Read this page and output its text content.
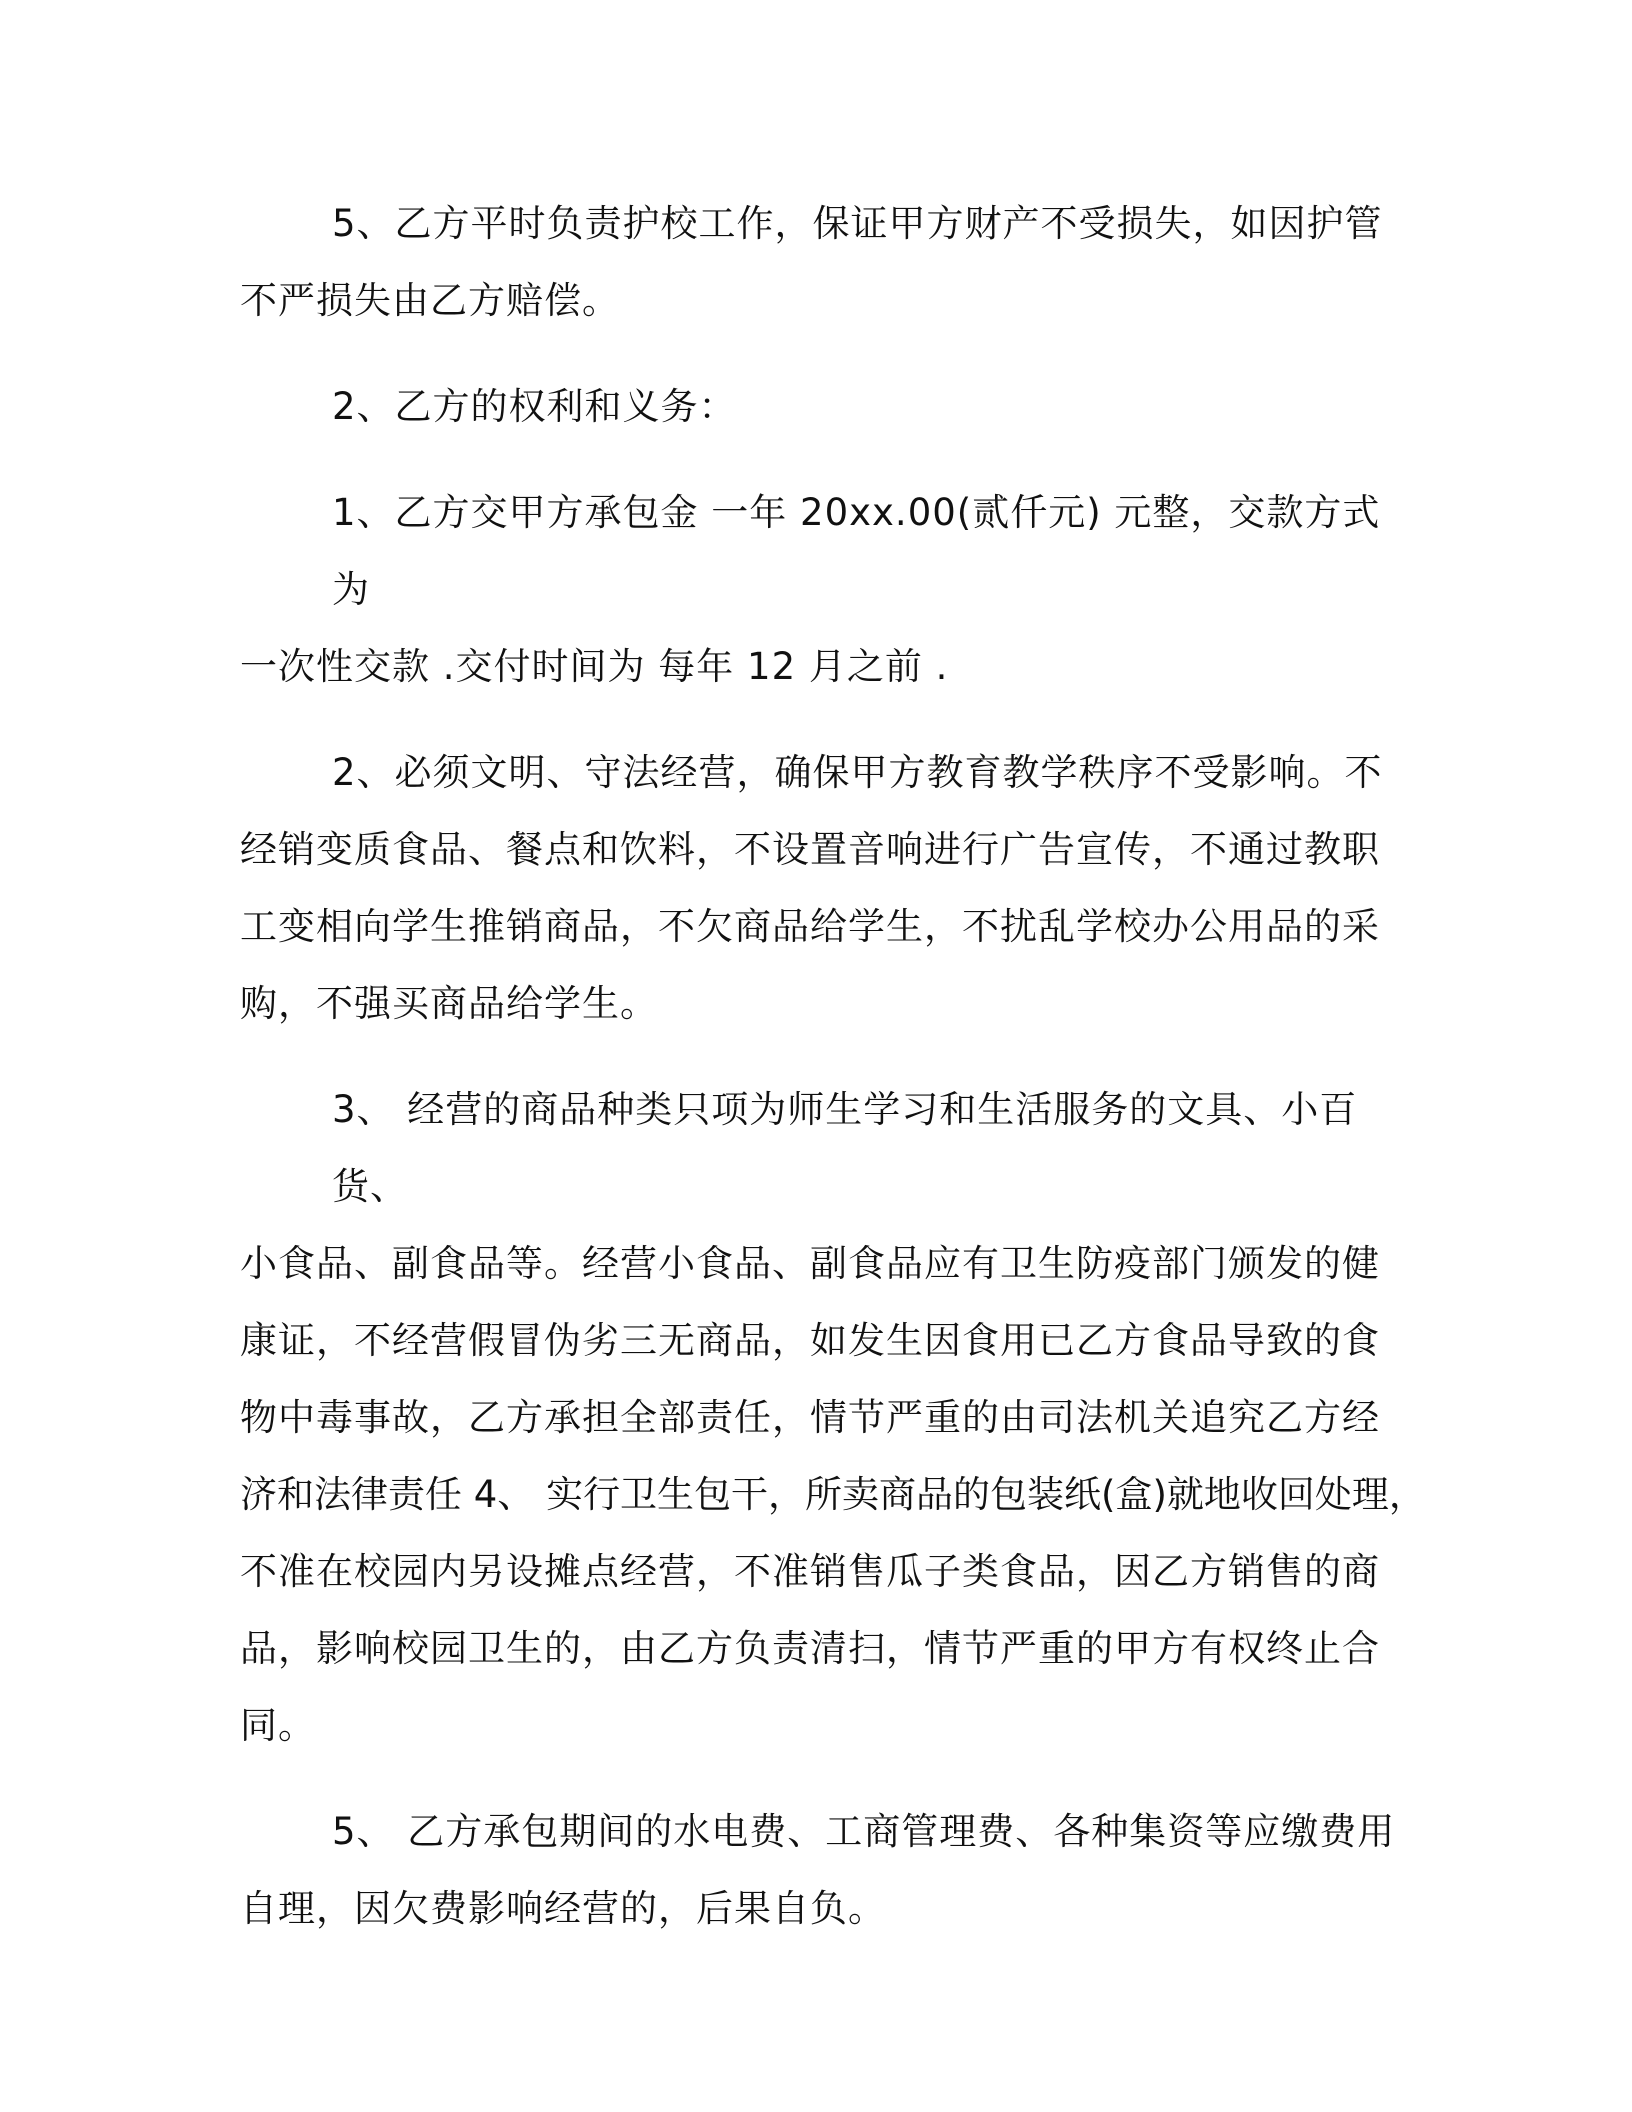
5、乙方平时负责护校工作，保证甲方财产不受损失，如因护管
不严损失由乙方赔偿。

2、乙方的权利和义务：

1、乙方交甲方承包金 一年 20xx.00(贰仟元) 元整，交款方式为
一次性交款 .交付时间为 每年 12 月之前 .

2、必须文明、守法经营，确保甲方教育教学秩序不受影响。不
经销变质食品、餐点和饮料，不设置音响进行广告宣传，不通过教职
工变相向学生推销商品，不欠商品给学生，不扰乱学校办公用品的采
购，不强买商品给学生。

3、 经营的商品种类只项为师生学习和生活服务的文具、小百货、
小食品、副食品等。经营小食品、副食品应有卫生防疫部门颁发的健
康证，不经营假冒伪劣三无商品，如发生因食用已乙方食品导致的食
物中毒事故，乙方承担全部责任，情节严重的由司法机关追究乙方经
济和法律责任 4、 实行卫生包干，所卖商品的包装纸(盒)就地收回处理，
不准在校园内另设摊点经营，不准销售瓜子类食品，因乙方销售的商
品，影响校园卫生的，由乙方负责清扫，情节严重的甲方有权终止合
同。

5、 乙方承包期间的水电费、工商管理费、各种集资等应缴费用
自理，因欠费影响经营的，后果自负。
